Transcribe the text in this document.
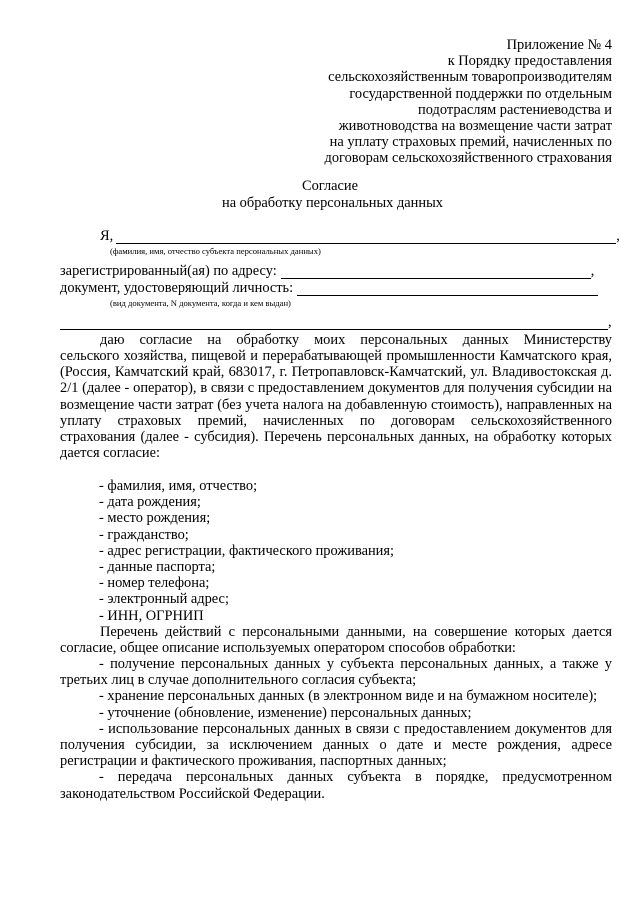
Приложение № 4
к Порядку предоставления
сельскохозяйственным товаропроизводителям
государственной поддержки по отдельным
подотраслям растениеводства и
животноводства на возмещение части затрат
на уплату страховых премий, начисленных по
договорам сельскохозяйственного страхования
Согласие
на обработку персональных данных
Я,	,
(фамилия, имя, отчество субъекта персональных данных)
зарегистрированный(ая) по адресу:	,
документ, удостоверяющий личность:
(вид документа, N документа, когда и кем выдан)
,

даю согласие на обработку моих персональных данных Министерству

сельского хозяйства, пищевой и перерабатывающей промышленности Камчатского края, (Россия, Камчатский край, 683017, г. Петропавловск-Камчатский, ул. Владивостокская д. 2/1 (далее - оператор), в связи с предоставлением документов для получения субсидии на возмещение части затрат (без учета налога на добавленную стоимость), направленных на уплату страховых премий, начисленных по договорам сельскохозяйственного страхования (далее - субсидия). Перечень персональных данных, на обработку которых дается согласие:

- фамилия, имя, отчество;

- дата рождения;

- место рождения;

- гражданство;

- адрес регистрации, фактического проживания;

- данные паспорта;

- номер телефона;

- электронный адрес;

- ИНН, ОГРНИП

Перечень действий с персональными данными, на совершение которых дается согласие, общее описание используемых оператором способов обработки:

- получение персональных данных у субъекта персональных данных, а также у третьих лиц в случае дополнительного согласия субъекта;

- хранение персональных данных (в электронном виде и на бумажном носителе);

- уточнение (обновление, изменение) персональных данных;

- использование персональных данных в связи с предоставлением документов для получения субсидии, за исключением данных о дате и месте рождения, адресе регистрации и фактического проживания, паспортных данных;

- передача персональных данных субъекта в порядке, предусмотренном законодательством Российской Федерации.
